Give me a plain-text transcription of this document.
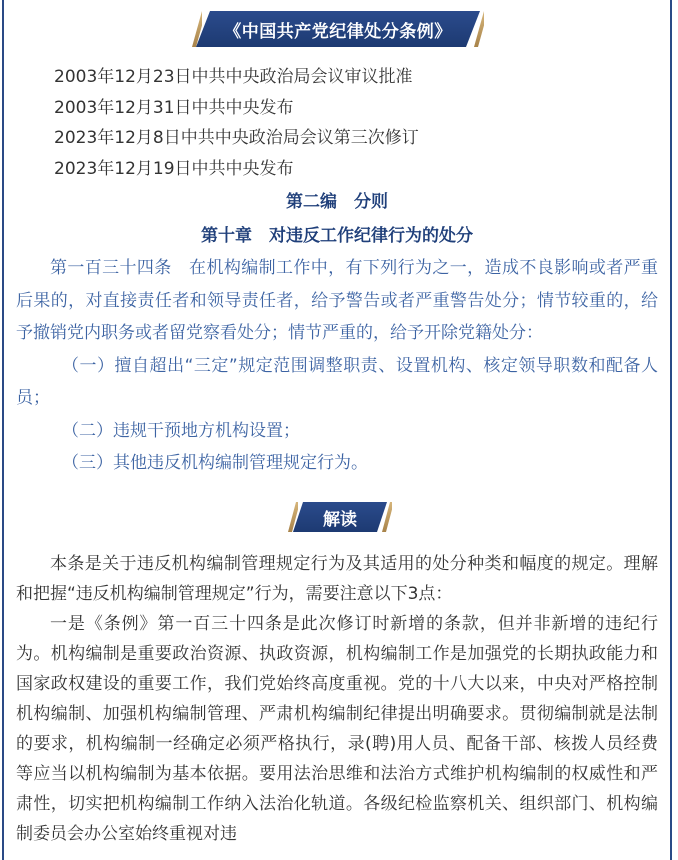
《中国共产党纪律处分条例》
2003年12月23日中共中央政治局会议审议批准
2003年12月31日中共中央发布
2023年12月8日中共中央政治局会议第三次修订
2023年12月19日中共中央发布
第二编　分则
第十章　对违反工作纪律行为的处分

第一百三十四条　在机构编制工作中，有下列行为之一，造成不良影响或者严重后果的，对直接责任者和领导责任者，给予警告或者严重警告处分；情节较重的，给予撤销党内职务或者留党察看处分；情节严重的，给予开除党籍处分：

（一）擅自超出“三定”规定范围调整职责、设置机构、核定领导职数和配备人员；

（二）违规干预地方机构设置；

（三）其他违反机构编制管理规定行为。

解读

本条是关于违反机构编制管理规定行为及其适用的处分种类和幅度的规定。理解和把握“违反机构编制管理规定”行为，需要注意以下3点：

一是《条例》第一百三十四条是此次修订时新增的条款，但并非新增的违纪行为。机构编制是重要政治资源、执政资源，机构编制工作是加强党的长期执政能力和国家政权建设的重要工作，我们党始终高度重视。党的十八大以来，中央对严格控制机构编制、加强机构编制管理、严肃机构编制纪律提出明确要求。贯彻编制就是法制的要求，机构编制一经确定必须严格执行，录(聘)用人员、配备干部、核拨人员经费等应当以机构编制为基本依据。要用法治思维和法治方式维护机构编制的权威性和严肃性，切实把机构编制工作纳入法治化轨道。各级纪检监察机关、组织部门、机构编制委员会办公室始终重视对违
